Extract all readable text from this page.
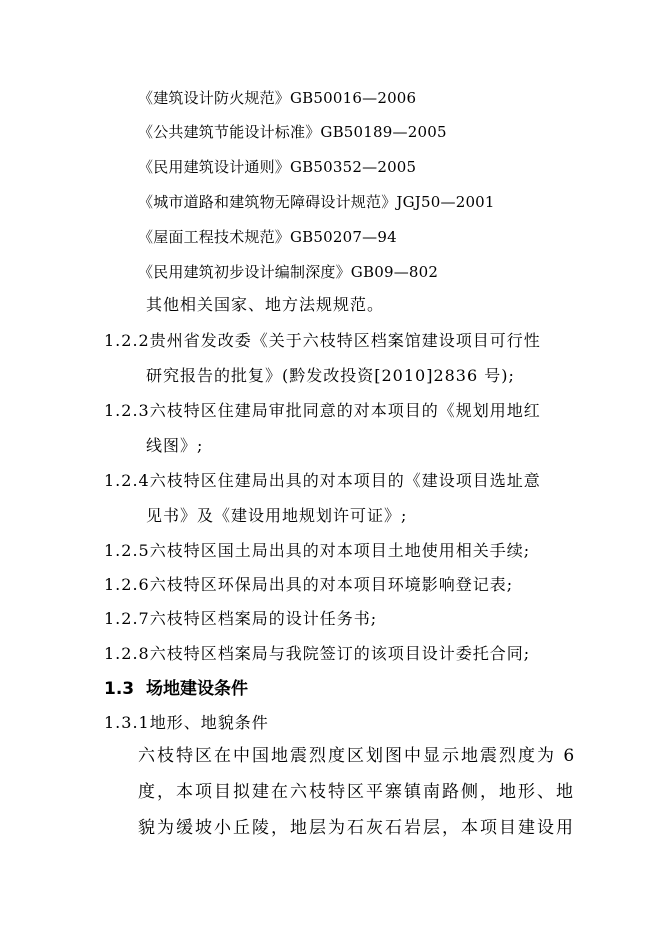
《建筑设计防火规范》GB50016—2006
《公共建筑节能设计标准》GB50189—2005
《民用建筑设计通则》GB50352—2005
《城市道路和建筑物无障碍设计规范》JGJ50—2001
《屋面工程技术规范》GB50207—94
《民用建筑初步设计编制深度》GB09—802
其他相关国家、地方法规规范。
1.2.2贵州省发改委《关于六枝特区档案馆建设项目可行性
研究报告的批复》(黔发改投资[2010]2836 号);
1.2.3六枝特区住建局审批同意的对本项目的《规划用地红
线图》;
1.2.4六枝特区住建局出具的对本项目的《建设项目选址意
见书》及《建设用地规划许可证》;
1.2.5六枝特区国土局出具的对本项目土地使用相关手续;
1.2.6六枝特区环保局出具的对本项目环境影响登记表;
1.2.7六枝特区档案局的设计任务书;
1.2.8六枝特区档案局与我院签订的该项目设计委托合同;
1.3 场地建设条件
1.3.1地形、地貌条件
六枝特区在中国地震烈度区划图中显示地震烈度为 6
度，本项目拟建在六枝特区平寨镇南路侧，地形、地
貌为缓坡小丘陵，地层为石灰石岩层，本项目建设用
